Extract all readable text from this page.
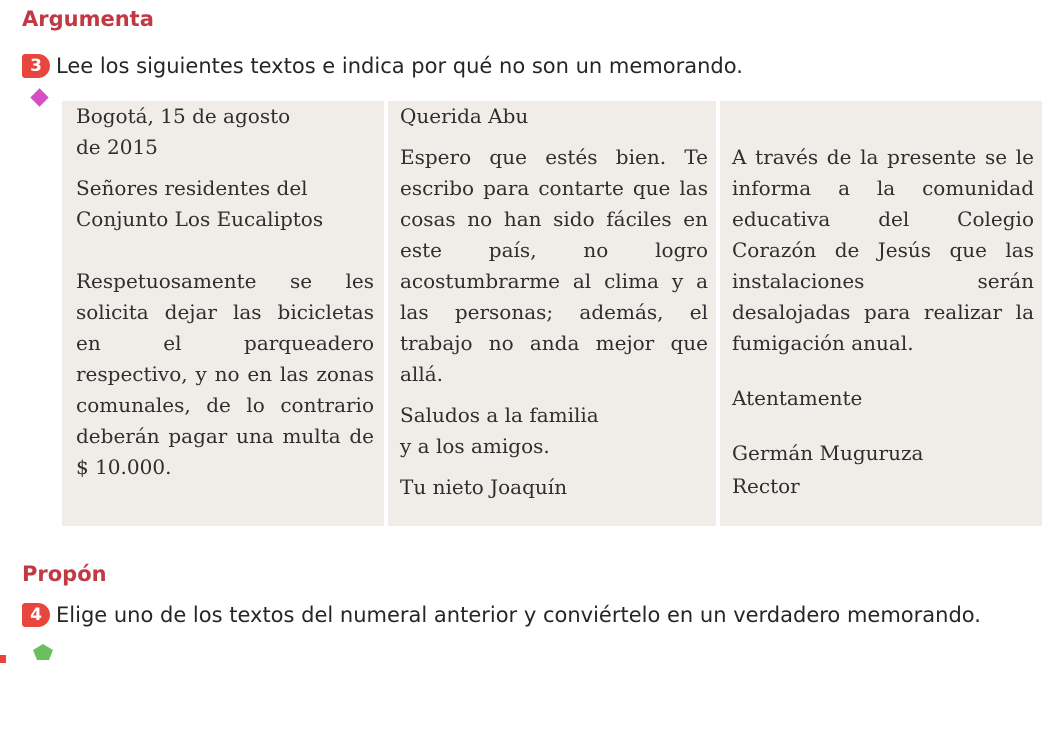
Argumenta
3 Lee los siguientes textos e indica por qué no son un memorando.
Bogotá, 15 de agosto
de 2015
Señores residentes del
Conjunto Los Eucaliptos

Respetuosamente se les solicita dejar las bicicletas en el parqueadero respectivo, y no en las zonas comunales, de lo contrario deberán pagar una multa de $ 10.000.

Querida Abu

Espero que estés bien. Te escribo para contarte que las cosas no han sido fáciles en este país, no logro acostumbrarme al clima y a las personas; además, el trabajo no anda mejor que allá.

Saludos a la familia
y a los amigos.

Tu nieto Joaquín

A través de la presente se le informa a la comunidad educativa del Colegio Corazón de Jesús que las instalaciones serán desalojadas para realizar la fumigación anual.

Atentamente

Germán Muguruza

Rector

Propón
4 Elige uno de los textos del numeral anterior y conviértelo en un verdadero memorando.
